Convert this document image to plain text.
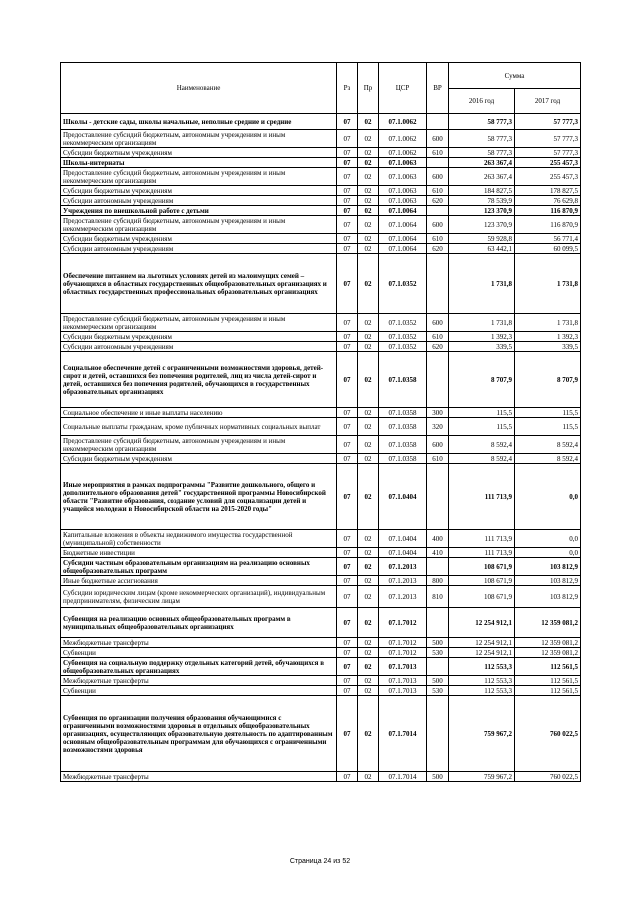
Наименование	Рз	Пр	ЦСР	ВР	Сумма	
					2016 год	2017 год
Школы - детские сады, школы начальные, неполные средние и средние	07	02	07.1.0062		58 777,3	57 777,3
Предоставление субсидий бюджетным, автономным учреждениям и иным некоммерческим организациям	07	02	07.1.0062	600	58 777,3	57 777,3
Субсидии бюджетным учреждениям	07	02	07.1.0062	610	58 777,3	57 777,3
Школы-интернаты	07	02	07.1.0063		263 367,4	255 457,3
Предоставление субсидий бюджетным, автономным учреждениям и иным некоммерческим организациям	07	02	07.1.0063	600	263 367,4	255 457,3
Субсидии бюджетным учреждениям	07	02	07.1.0063	610	184 827,5	178 827,5
Субсидии автономным учреждениям	07	02	07.1.0063	620	78 539,9	76 629,8
Учреждения по внешкольной работе с детьми	07	02	07.1.0064		123 370,9	116 870,9
Предоставление субсидий бюджетным, автономным учреждениям и иным некоммерческим организациям	07	02	07.1.0064	600	123 370,9	116 870,9
Субсидии бюджетным учреждениям	07	02	07.1.0064	610	59 928,8	56 771,4
Субсидии автономным учреждениям	07	02	07.1.0064	620	63 442,1	60 099,5
Обеспечение питанием на льготных условиях детей из малоимущих семей – обучающихся в областных государственных общеобразовательных организациях и областных государственных профессиональных образовательных организациях	07	02	07.1.0352		1 731,8	1 731,8
Предоставление субсидий бюджетным, автономным учреждениям и иным некоммерческим организациям	07	02	07.1.0352	600	1 731,8	1 731,8
Субсидии бюджетным учреждениям	07	02	07.1.0352	610	1 392,3	1 392,3
Субсидии автономным учреждениям	07	02	07.1.0352	620	339,5	339,5
Социальное обеспечение детей с ограниченными возможностями здоровья, детей-сирот и детей, оставшихся без попечения родителей, лиц из числа детей-сирот и детей, оставшихся без попечения родителей, обучающихся в государственных образовательных организациях	07	02	07.1.0358		8 707,9	8 707,9
Социальное обеспечение и иные выплаты населению	07	02	07.1.0358	300	115,5	115,5
Социальные выплаты гражданам, кроме публичных нормативных социальных выплат	07	02	07.1.0358	320	115,5	115,5
Предоставление субсидий бюджетным, автономным учреждениям и иным некоммерческим организациям	07	02	07.1.0358	600	8 592,4	8 592,4
Субсидии бюджетным учреждениям	07	02	07.1.0358	610	8 592,4	8 592,4
Иные мероприятия в рамках подпрограммы "Развитие дошкольного, общего и дополнительного образования детей" государственной программы Новосибирской области "Развитие образования, создание условий для социализации детей и учащейся молодежи в Новосибирской области на 2015-2020 годы"	07	02	07.1.0404		111 713,9	0,0
Капитальные вложения в объекты недвижимого имущества государственной (муниципальной) собственности	07	02	07.1.0404	400	111 713,9	0,0
Бюджетные инвестиции	07	02	07.1.0404	410	111 713,9	0,0
Субсидии частным образовательным организациям на реализацию основных общеобразовательных программ	07	02	07.1.2013		108 671,9	103 812,9
Иные бюджетные ассигнования	07	02	07.1.2013	800	108 671,9	103 812,9
Субсидии юридическим лицам (кроме некоммерческих организаций), индивидуальным предпринимателям, физическим лицам	07	02	07.1.2013	810	108 671,9	103 812,9
Субвенция на реализацию основных общеобразовательных программ в муниципальных общеобразовательных организациях	07	02	07.1.7012		12 254 912,1	12 359 081,2
Межбюджетные трансферты	07	02	07.1.7012	500	12 254 912,1	12 359 081,2
Субвенции	07	02	07.1.7012	530	12 254 912,1	12 359 081,2
Субвенция на социальную поддержку отдельных категорий детей, обучающихся в общеобразовательных организациях	07	02	07.1.7013		112 553,3	112 561,5
Межбюджетные трансферты	07	02	07.1.7013	500	112 553,3	112 561,5
Субвенции	07	02	07.1.7013	530	112 553,3	112 561,5
Субвенция по организации получения образования обучающимися с ограниченными возможностями здоровья в отдельных общеобразовательных организациях, осуществляющих образовательную деятельность по адаптированным основным общеобразовательным программам для обучающихся с ограниченными возможностями здоровья	07	02	07.1.7014		759 967,2	760 022,5
Межбюджетные трансферты	07	02	07.1.7014	500	759 967,2	760 022,5
Страница 24 из 52
